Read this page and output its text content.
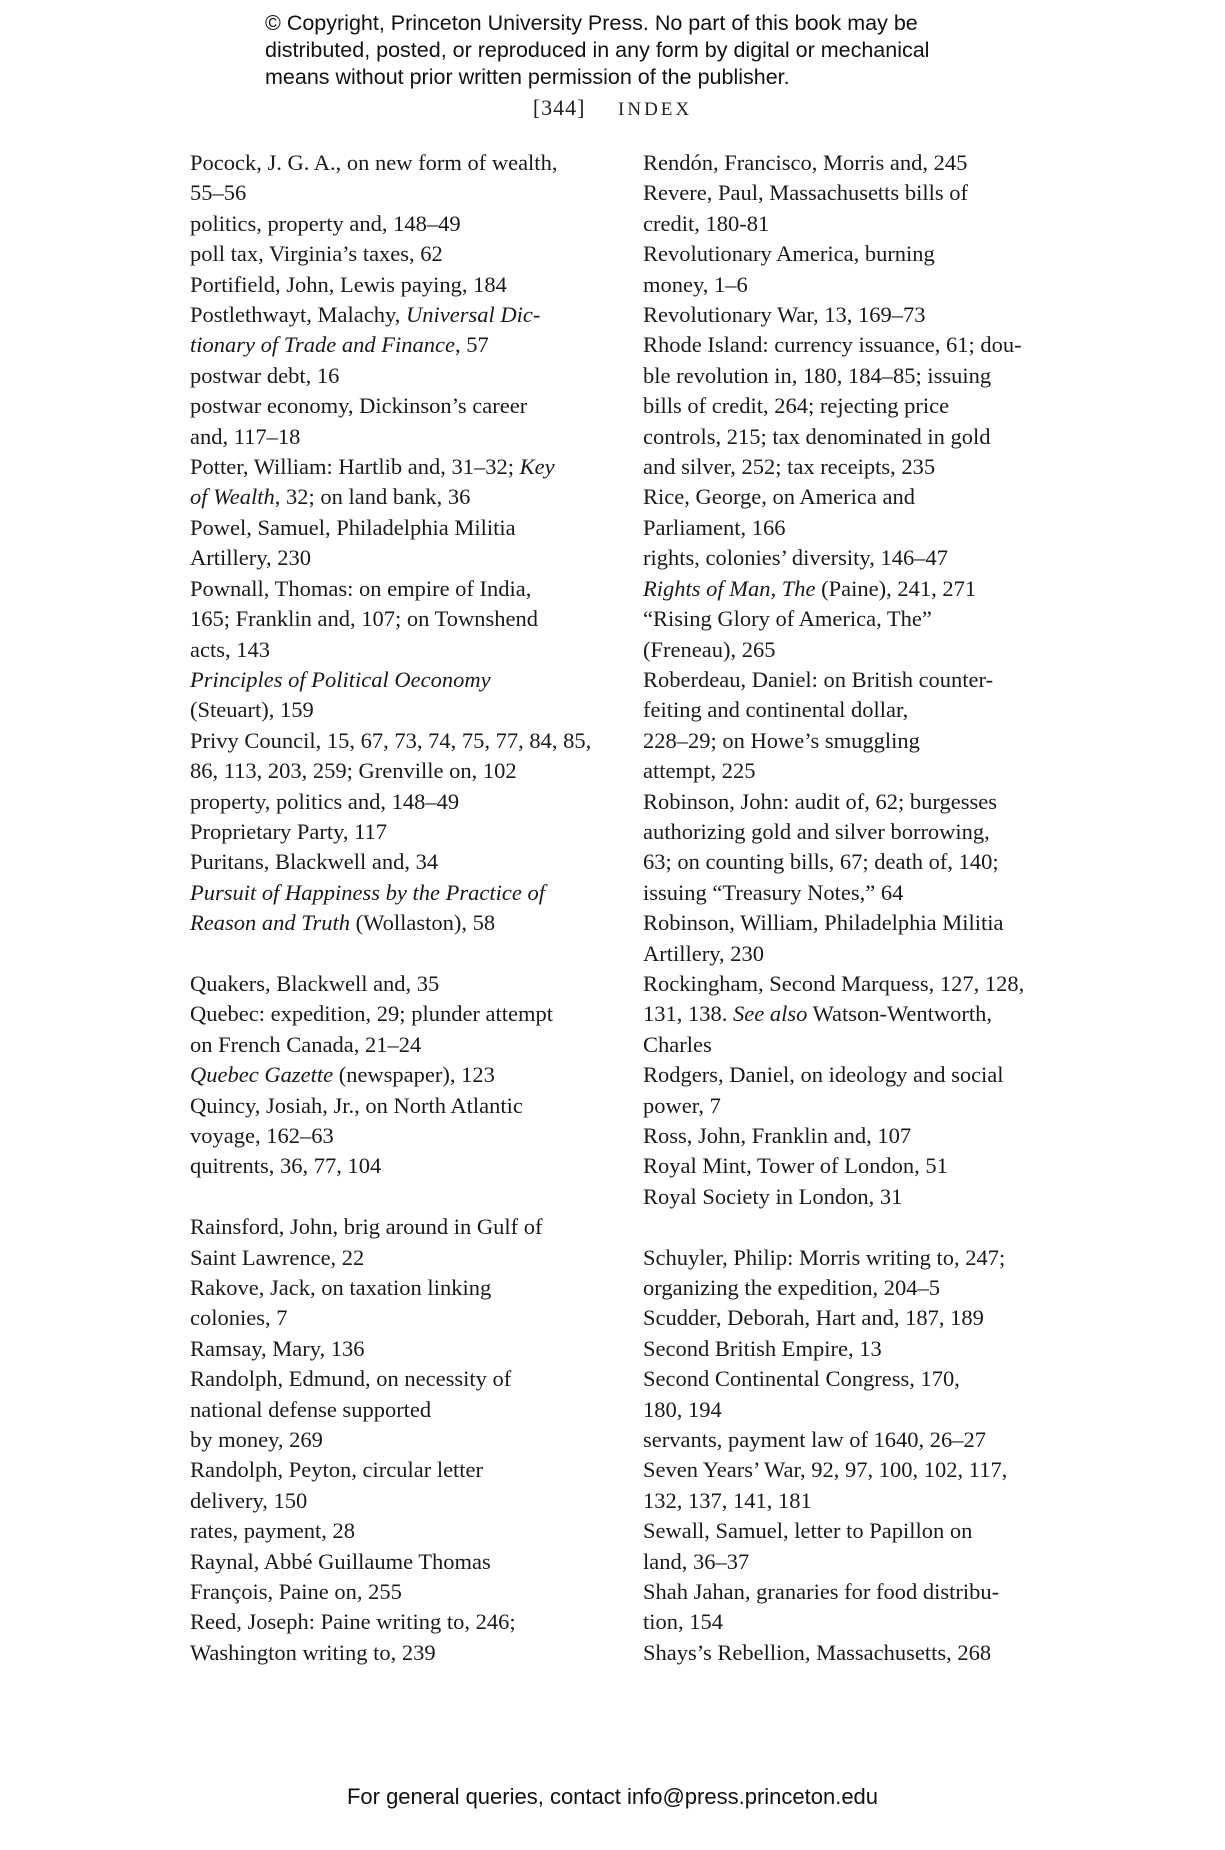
© Copyright, Princeton University Press. No part of this book may be
distributed, posted, or reproduced in any form by digital or mechanical
means without prior written permission of the publisher.
[344] INDEX
Pocock, J. G. A., on new form of wealth,
55–56
politics, property and, 148–49
poll tax, Virginia’s taxes, 62
Portifield, John, Lewis paying, 184
Postlethwayt, Malachy, Universal Dic-
tionary of Trade and Finance, 57
postwar debt, 16
postwar economy, Dickinson’s career
and, 117–18
Potter, William: Hartlib and, 31–32; Key
of Wealth, 32; on land bank, 36
Powel, Samuel, Philadelphia Militia
Artillery, 230
Pownall, Thomas: on empire of India,
165; Franklin and, 107; on Townshend
acts, 143
Principles of Political Oeconomy
(Steuart), 159
Privy Council, 15, 67, 73, 74, 75, 77, 84, 85,
86, 113, 203, 259; Grenville on, 102
property, politics and, 148–49
Proprietary Party, 117
Puritans, Blackwell and, 34
Pursuit of Happiness by the Practice of
Reason and Truth (Wollaston), 58
Quakers, Blackwell and, 35
Quebec: expedition, 29; plunder attempt
on French Canada, 21–24
Quebec Gazette (newspaper), 123
Quincy, Josiah, Jr., on North Atlantic
voyage, 162–63
quitrents, 36, 77, 104
Rainsford, John, brig around in Gulf of
Saint Lawrence, 22
Rakove, Jack, on taxation linking
colonies, 7
Ramsay, Mary, 136
Randolph, Edmund, on necessity of
national defense supported
by money, 269
Randolph, Peyton, circular letter
delivery, 150
rates, payment, 28
Raynal, Abbé Guillaume Thomas
François, Paine on, 255
Reed, Joseph: Paine writing to, 246;
Washington writing to, 239
Rendón, Francisco, Morris and, 245
Revere, Paul, Massachusetts bills of
credit, 180-81
Revolutionary America, burning
money, 1–6
Revolutionary War, 13, 169–73
Rhode Island: currency issuance, 61; dou-
ble revolution in, 180, 184–85; issuing
bills of credit, 264; rejecting price
controls, 215; tax denominated in gold
and silver, 252; tax receipts, 235
Rice, George, on America and
Parliament, 166
rights, colonies’ diversity, 146–47
Rights of Man, The (Paine), 241, 271
“Rising Glory of America, The”
(Freneau), 265
Roberdeau, Daniel: on British counter-
feiting and continental dollar,
228–29; on Howe’s smuggling
attempt, 225
Robinson, John: audit of, 62; burgesses
authorizing gold and silver borrowing,
63; on counting bills, 67; death of, 140;
issuing “Treasury Notes,” 64
Robinson, William, Philadelphia Militia
Artillery, 230
Rockingham, Second Marquess, 127, 128,
131, 138. See also Watson-Wentworth,
Charles
Rodgers, Daniel, on ideology and social
power, 7
Ross, John, Franklin and, 107
Royal Mint, Tower of London, 51
Royal Society in London, 31
Schuyler, Philip: Morris writing to, 247;
organizing the expedition, 204–5
Scudder, Deborah, Hart and, 187, 189
Second British Empire, 13
Second Continental Congress, 170,
180, 194
servants, payment law of 1640, 26–27
Seven Years’ War, 92, 97, 100, 102, 117,
132, 137, 141, 181
Sewall, Samuel, letter to Papillon on
land, 36–37
Shah Jahan, granaries for food distribu-
tion, 154
Shays’s Rebellion, Massachusetts, 268
For general queries, contact info@press.princeton.edu
